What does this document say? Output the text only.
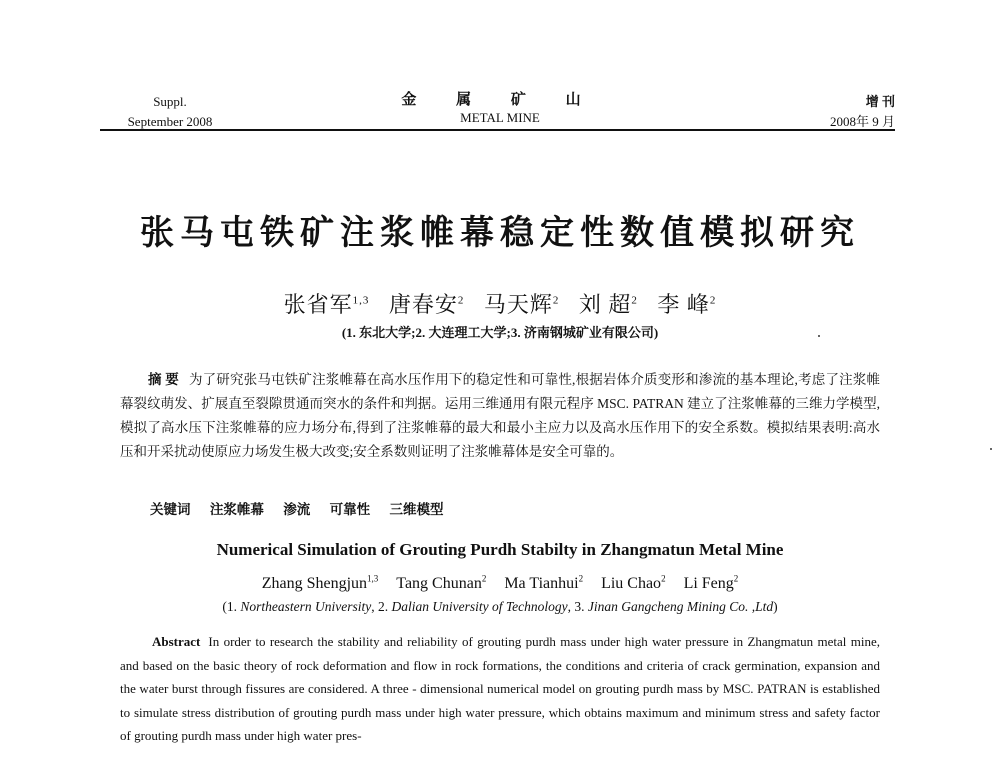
Suppl.
September 2008
金 属 矿 山
METAL MINE
增 刊
2008年 9 月
张马屯铁矿注浆帷幕稳定性数值模拟研究
张省军$^{1,3}$ 唐春安$^2$ 马天辉$^2$ 刘 超$^2$ 李 峰$^2$
(1. 东北大学;2. 大连理工大学;3. 济南钢城矿业有限公司)
摘 要 为了研究张马屯铁矿注浆帷幕在高水压作用下的稳定性和可靠性,根据岩体介质变形和渗流的基本理论,考虑了注浆帷幕裂纹萌发、扩展直至裂隙贯通而突水的条件和判据。运用三维通用有限元程序 MSC. PATRAN 建立了注浆帷幕的三维力学模型,模拟了高水压下注浆帷幕的应力场分布,得到了注浆帷幕的最大和最小主应力以及高水压作用下的安全系数。模拟结果表明:高水压和开采扰动使原应力场发生极大改变;安全系数则证明了注浆帷幕体是安全可靠的。
关键词 注浆帷幕 渗流 可靠性 三维模型
Numerical Simulation of Grouting Purdh Stabilty in Zhangmatun Metal Mine
Zhang Shengjun$^{1,3}$ Tang Chunan$^2$ Ma Tianhui$^2$ Liu Chao$^2$ Li Feng$^2$
(1. Northeastern University, 2. Dalian University of Technology, 3. Jinan Gangcheng Mining Co. ,Ltd)
Abstract In order to research the stability and reliability of grouting purdh mass under high water pressure in Zhangmatun metal mine, and based on the basic theory of rock deformation and flow in rock formations, the conditions and criteria of crack germination, expansion and the water burst through fissures are considered. A three - dimensional numerical model on grouting purdh mass by MSC. PATRAN is established to simulate stress distribution of grouting purdh mass under high water pressure, which obtains maximum and minimum stress and safety factor of grouting purdh mass under high water pres-
